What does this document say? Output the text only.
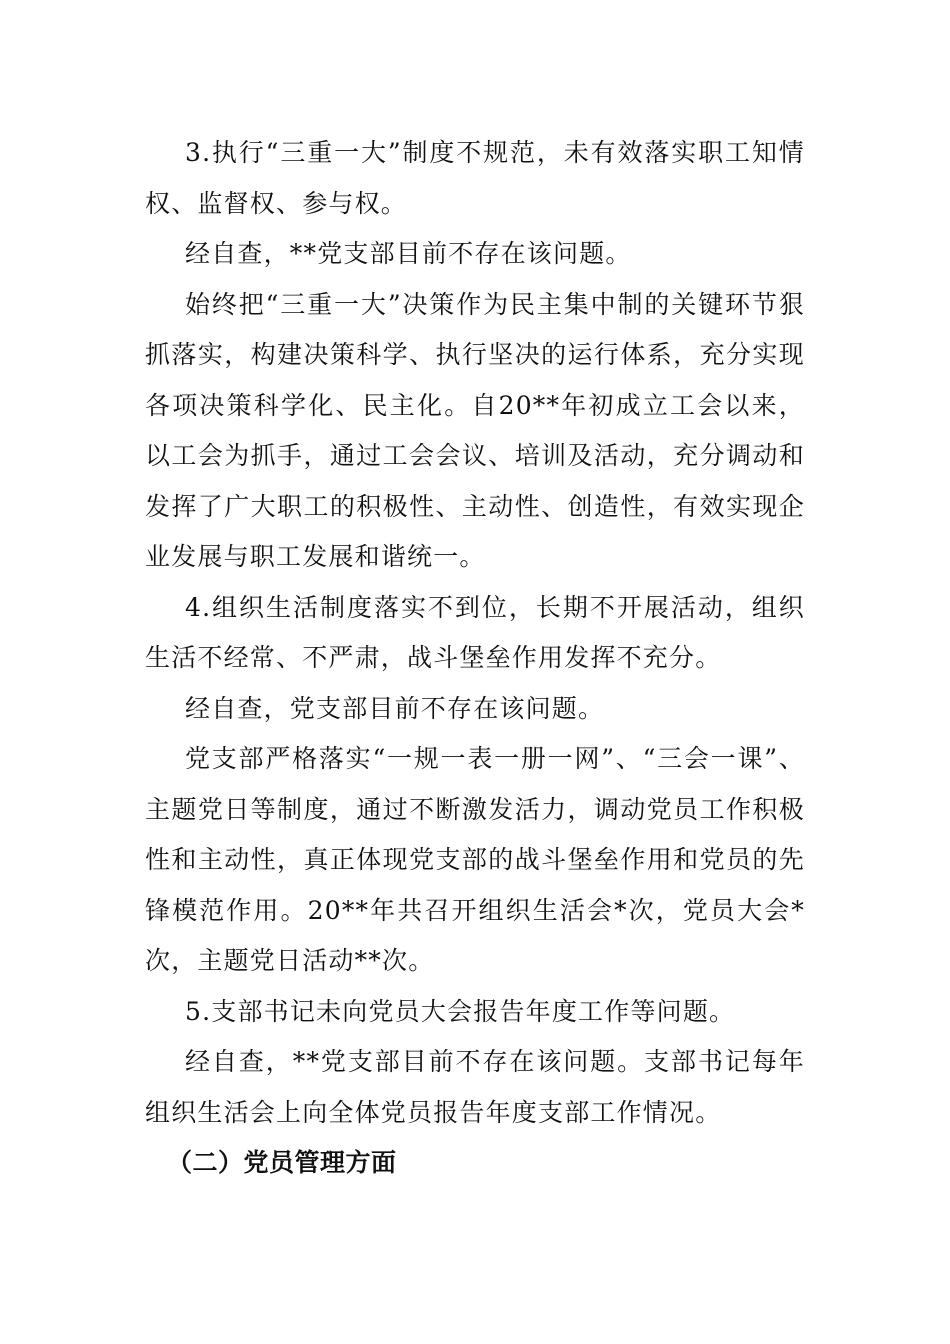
3.执行“三重一大”制度不规范，未有效落实职工知情权、监督权、参与权。

经自查，**党支部目前不存在该问题。

始终把“三重一大”决策作为民主集中制的关键环节狠抓落实，构建决策科学、执行坚决的运行体系，充分实现各项决策科学化、民主化。自20**年初成立工会以来，以工会为抓手，通过工会会议、培训及活动，充分调动和发挥了广大职工的积极性、主动性、创造性，有效实现企业发展与职工发展和谐统一。

4.组织生活制度落实不到位，长期不开展活动，组织生活不经常、不严肃，战斗堡垒作用发挥不充分。

经自查，党支部目前不存在该问题。

党支部严格落实“一规一表一册一网”、“三会一课”、主题党日等制度，通过不断激发活力，调动党员工作积极性和主动性，真正体现党支部的战斗堡垒作用和党员的先锋模范作用。20**年共召开组织生活会*次，党员大会*次，主题党日活动**次。

5.支部书记未向党员大会报告年度工作等问题。

经自查，**党支部目前不存在该问题。支部书记每年组织生活会上向全体党员报告年度支部工作情况。

（二）党员管理方面
